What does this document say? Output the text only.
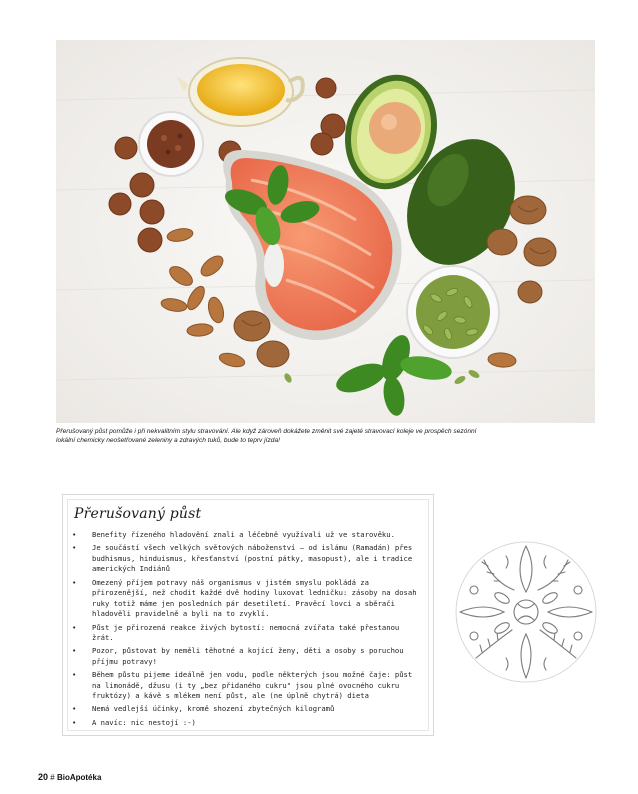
Přerušovaný půst pomůže i při nekvalitním stylu stravování. Ale když zároveň dokážete změnit své zajeté stravovací koleje ve prospěch sezónní lokální chemicky neošetřované zeleniny a zdravých tuků, bude to teprv jízda!
Přerušovaný půst
• Benefity řízeného hladovění znali a léčebně využívali už ve starověku.
• Je součástí všech velkých světových náboženství – od islámu (Ramadán) přes budhismus, hinduismus, křesťanství (postní pátky, masopust), ale i tradice amerických Indiánů
• Omezený příjem potravy náš organismus v jistém smyslu pokládá za přirozenější, než chodit každé dvě hodiny luxovat ledničku: zásoby na dosah ruky totiž máme jen posledních pár desetiletí. Pravěcí lovci a sběrači hladověli pravidelně a byli na to zvyklí.
• Půst je přirozená reakce živých bytostí: nemocná zvířata také přestanou žrát.
• Pozor, půstovat by neměli těhotné a kojící ženy, děti a osoby s poruchou příjmu potravy!
• Během půstu pijeme ideálně jen vodu, podle některých jsou možné čaje: půst na limonádě, džusu (i ty „bez přidaného cukru" jsou plné ovocného cukru fruktózy) a kávě s mlékem není půst, ale (ne úplně chytrá) dieta
• Nemá vedlejší účinky, kromě shození zbytečných kilogramů
• A navíc: nic nestojí :-)
20 # BioApotéka
